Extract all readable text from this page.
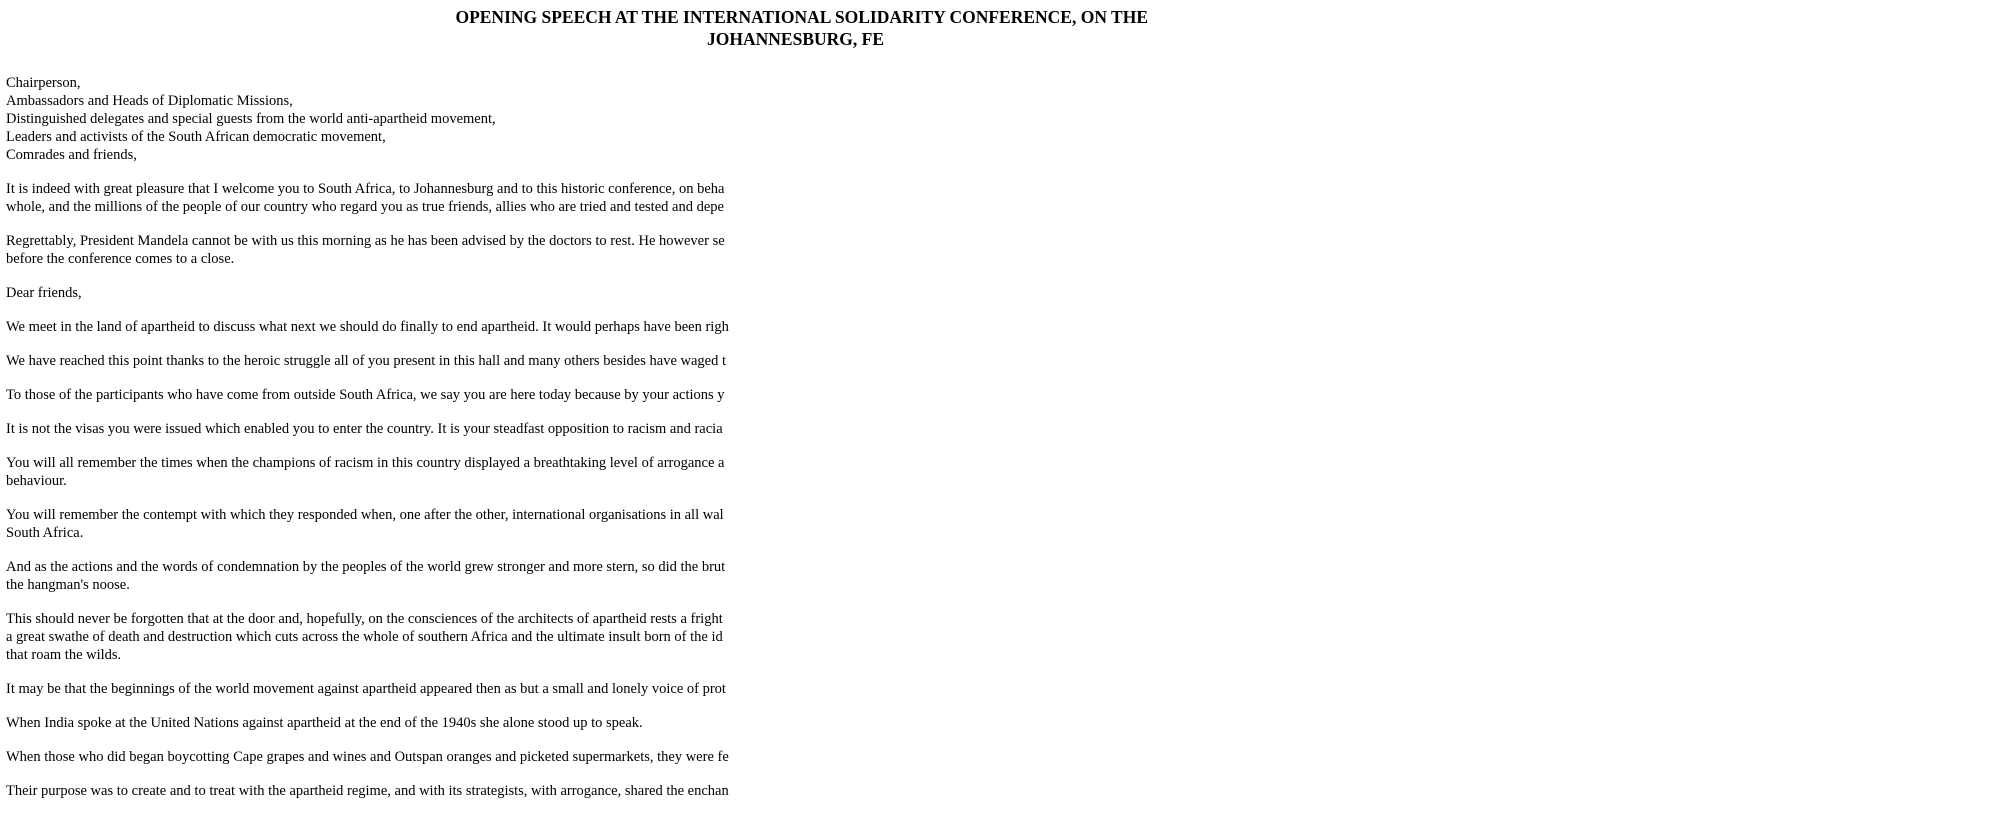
OPENING SPEECH AT THE INTERNATIONAL SOLIDARITY CONFERENCE, ON THE
JOHANNESBURG, FE
Chairperson,
Ambassadors and Heads of Diplomatic Missions,
Distinguished delegates and special guests from the world anti-apartheid movement,
Leaders and activists of the South African democratic movement,
Comrades and friends,

It is indeed with great pleasure that I welcome you to South Africa, to Johannesburg and to this historic conference, on beha
whole, and the millions of the people of our country who regard you as true friends, allies who are tried and tested and depe

Regrettably, President Mandela cannot be with us this morning as he has been advised by the doctors to rest. He however se
before the conference comes to a close.

Dear friends,

We meet in the land of apartheid to discuss what next we should do finally to end apartheid. It would perhaps have been righ

We have reached this point thanks to the heroic struggle all of you present in this hall and many others besides have waged t

To those of the participants who have come from outside South Africa, we say you are here today because by your actions y

It is not the visas you were issued which enabled you to enter the country. It is your steadfast opposition to racism and racia

You will all remember the times when the champions of racism in this country displayed a breathtaking level of arrogance a
behaviour.

You will remember the contempt with which they responded when, one after the other, international organisations in all wal
South Africa.

And as the actions and the words of condemnation by the peoples of the world grew stronger and more stern, so did the brut
the hangman's noose.

This should never be forgotten that at the door and, hopefully, on the consciences of the architects of apartheid rests a fright
a great swathe of death and destruction which cuts across the whole of southern Africa and the ultimate insult born of the id
that roam the wilds.

It may be that the beginnings of the world movement against apartheid appeared then as but a small and lonely voice of prot

When India spoke at the United Nations against apartheid at the end of the 1940s she alone stood up to speak.

When those who did began boycotting Cape grapes and wines and Outspan oranges and picketed supermarkets, they were fe

Their purpose was to create and to treat with the apartheid regime, and with its strategists, with arrogance, shared the enchan
